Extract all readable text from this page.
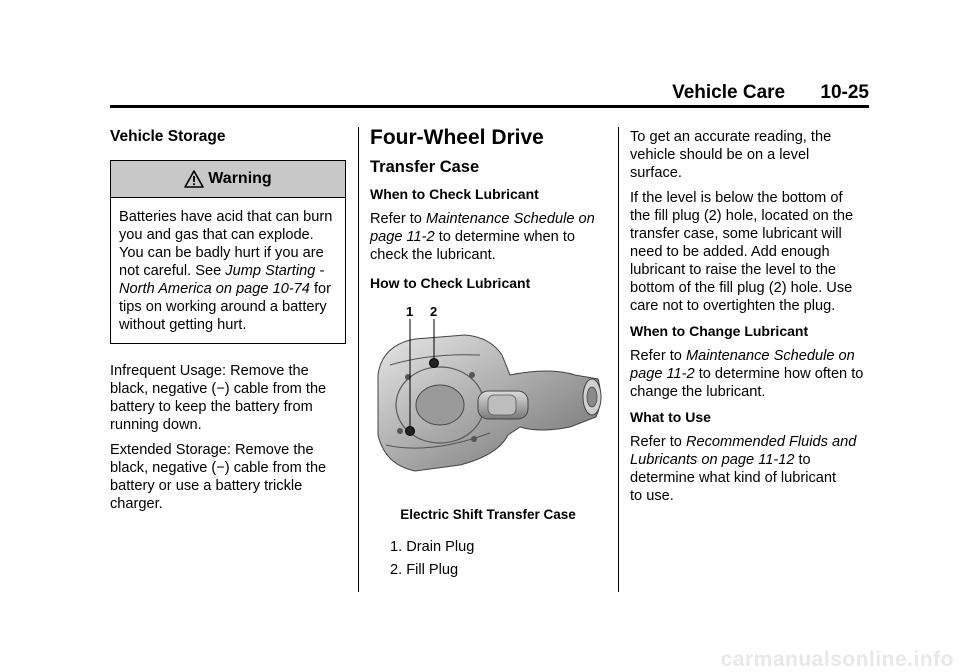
Vehicle Care 10-25

Vehicle Storage

Warning
Batteries have acid that can burn
you and gas that can explode.
You can be badly hurt if you are
not careful. See Jump Starting -
North America on page 10-74 for
tips on working around a battery
without getting hurt.

Infrequent Usage: Remove the
black, negative (−) cable from the
battery to keep the battery from
running down.

Extended Storage: Remove the
black, negative (−) cable from the
battery or use a battery trickle
charger.

Four-Wheel Drive

Transfer Case

When to Check Lubricant

Refer to Maintenance Schedule on
page 11-2 to determine when to
check the lubricant.

How to Check Lubricant

1 2

Electric Shift Transfer Case

1. Drain Plug
2. Fill Plug

To get an accurate reading, the
vehicle should be on a level
surface.

If the level is below the bottom of
the fill plug (2) hole, located on the
transfer case, some lubricant will
need to be added. Add enough
lubricant to raise the level to the
bottom of the fill plug (2) hole. Use
care not to overtighten the plug.

When to Change Lubricant

Refer to Maintenance Schedule on
page 11-2 to determine how often to
change the lubricant.

What to Use

Refer to Recommended Fluids and
Lubricants on page 11-12 to
determine what kind of lubricant
to use.

carmanualsonline.info
